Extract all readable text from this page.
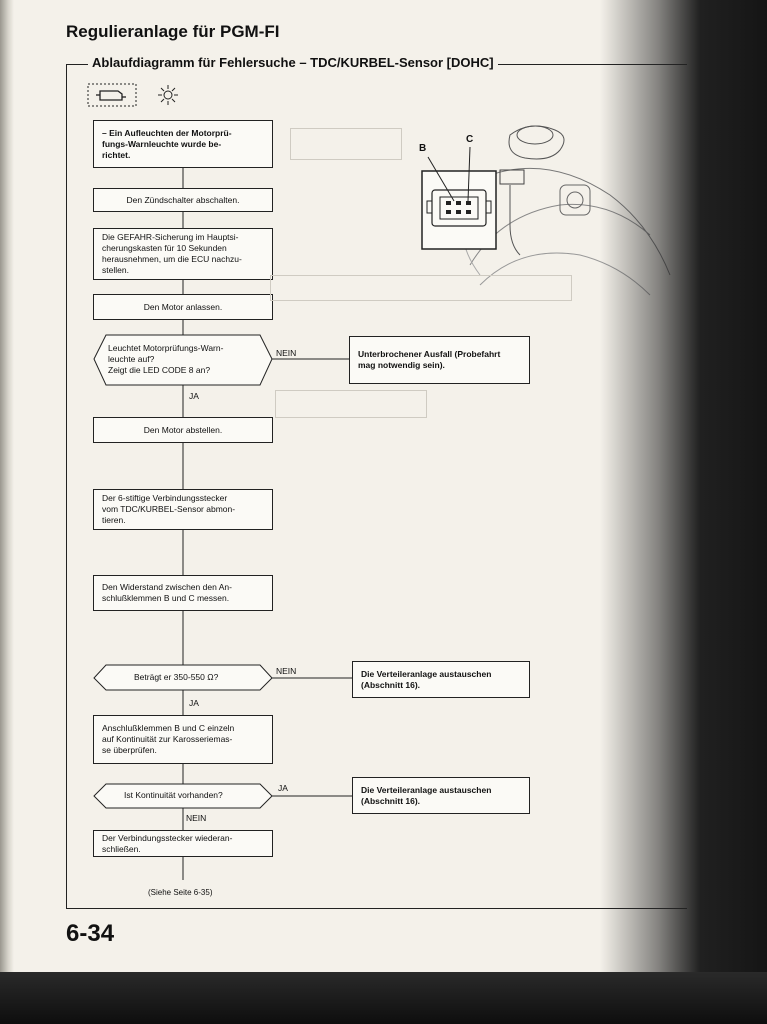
Regulieranlage für PGM-FI
Ablaufdiagramm für Fehlersuche – TDC/KURBEL-Sensor [DOHC]
– Ein Aufleuchten der Motorprü-
fungs-Warnleuchte wurde be-
richtet.
Den Zündschalter abschalten.
Die GEFAHR-Sicherung im Hauptsi-
cherungskasten für 10 Sekunden
herausnehmen, um die ECU nachzu-
stellen.
Den Motor anlassen.
Leuchtet Motorprüfungs-Warn-
leuchte auf?
Zeigt die LED CODE 8 an?
NEIN
JA
Unterbrochener Ausfall (Probefahrt
mag notwendig sein).
Den Motor abstellen.
Der 6-stiftige Verbindungsstecker
vom TDC/KURBEL-Sensor abmon-
tieren.
Den Widerstand zwischen den An-
schlußklemmen B und C messen.
Beträgt er 350-550 Ω?
NEIN
JA
Die Verteileranlage austauschen
(Abschnitt 16).
Anschlußklemmen B und C einzeln
auf Kontinuität zur Karosseriemas-
se überprüfen.
Ist Kontinuität vorhanden?
JA
NEIN
Die Verteileranlage austauschen
(Abschnitt 16).
Der Verbindungsstecker wiederan-
schließen.
(Siehe Seite 6-35)
B
C
6-34
